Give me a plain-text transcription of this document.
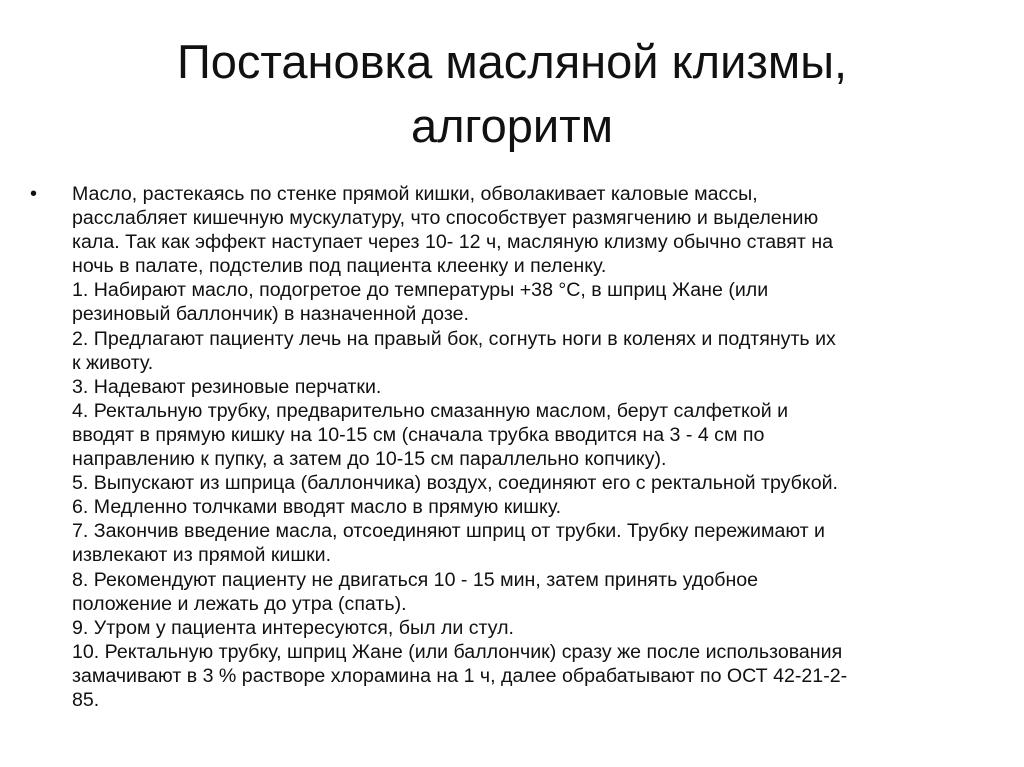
Постановка масляной клизмы,
алгоритм
• Масло, растекаясь по стенке прямой кишки, обволакивает каловые массы,
расслабляет кишечную мускулатуру, что способствует размягчению и выделению
кала. Так как эффект наступает через 10- 12 ч, масляную клизму обычно ставят на
ночь в палате, подстелив под пациента клеенку и пеленку.
1. Набирают масло, подогретое до температуры +38 °С, в шприц Жане (или
резиновый баллончик) в назначенной дозе.
2. Предлагают пациенту лечь на правый бок, согнуть ноги в коленях и подтянуть их
к животу.
3. Надевают резиновые перчатки.
4. Ректальную трубку, предварительно смазанную маслом, берут салфеткой и
вводят в прямую кишку на 10-15 см (сначала трубка вводится на 3 - 4 см по
направлению к пупку, а затем до 10-15 см параллельно копчику).
5. Выпускают из шприца (баллончика) воздух, соединяют его с ректальной трубкой.
6. Медленно толчками вводят масло в прямую кишку.
7. Закончив введение масла, отсоединяют шприц от трубки. Трубку пережимают и
извлекают из прямой кишки.
8. Рекомендуют пациенту не двигаться 10 - 15 мин, затем принять удобное
положение и лежать до утра (спать).
9. Утром у пациента интересуются, был ли стул.
10. Ректальную трубку, шприц Жане (или баллончик) сразу же после использования
замачивают в 3 % растворе хлорамина на 1 ч, далее обрабатывают по ОСТ 42-21-2-
85.
